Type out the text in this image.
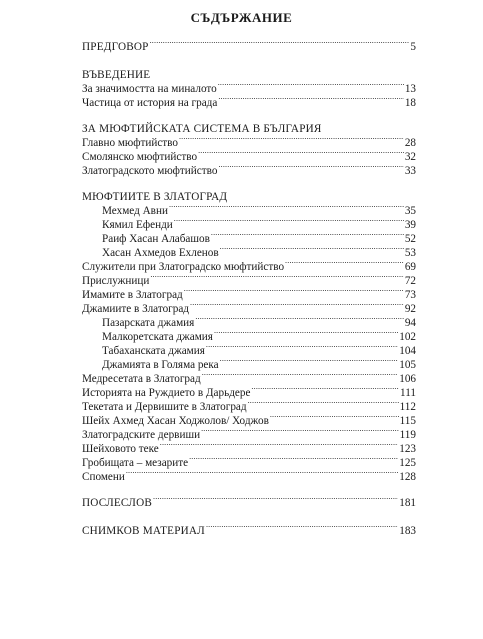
СЪДЪРЖАНИЕ
ПРЕДГОВОР .....	5
ВЪВЕДЕНИЕ
За значимостта на миналото .....	13
Частица от история на града .....	18
ЗА МЮФТИЙСКАТА СИСТЕМА В БЪЛГАРИЯ
Главно мюфтийство .....	28
Смолянско мюфтийство .....	32
Златоградското мюфтийство .....	33
МЮФТИИТЕ В ЗЛАТОГРАД
Мехмед Авни .....	35
Кямил Ефенди .....	39
Раиф Хасан Алабашов .....	52
Хасан Ахмедов Ехленов .....	53
Служители при Златоградско мюфтийство .....	69
Прислужници .....	72
Имамите в Златоград .....	73
Джамиите в Златоград .....	92
Пазарската джамия .....	94
Малкоретската джамия .....	102
Табаханската джамия .....	104
Джамията в Голяма река .....	105
Медресетата в Златоград .....	106
Историята на Руждието в Дарьдере .....	111
Текетата и Дервишите в Златоград .....	112
Шейх Ахмед Хасан Ходжолов/ Ходжов .....	115
Златоградските дервиши .....	119
Шейховото теке .....	123
Гробищата – мезарите .....	125
Спомени .....	128
ПОСЛЕСЛОВ .....	181
СНИМКОВ МАТЕРИАЛ .....	183
